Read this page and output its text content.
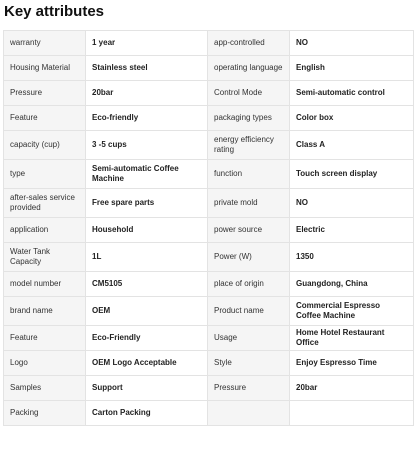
Key attributes
warranty	1 year	app-controlled	NO
Housing Material	Stainless steel	operating language	English
Pressure	20bar	Control Mode	Semi-automatic control
Feature	Eco-friendly	packaging types	Color box
capacity (cup)	3 -5 cups	energy efficiency rating	Class A
type	Semi-automatic Coffee Machine	function	Touch screen display
after-sales service provided	Free spare parts	private mold	NO
application	Household	power source	Electric
Water Tank Capacity	1L	Power (W)	1350
model number	CM5105	place of origin	Guangdong, China
brand name	OEM	Product name	Commercial Espresso Coffee Machine
Feature	Eco-Friendly	Usage	Home Hotel Restaurant Office
Logo	OEM Logo Acceptable	Style	Enjoy Espresso Time
Samples	Support	Pressure	20bar
Packing	Carton Packing		
